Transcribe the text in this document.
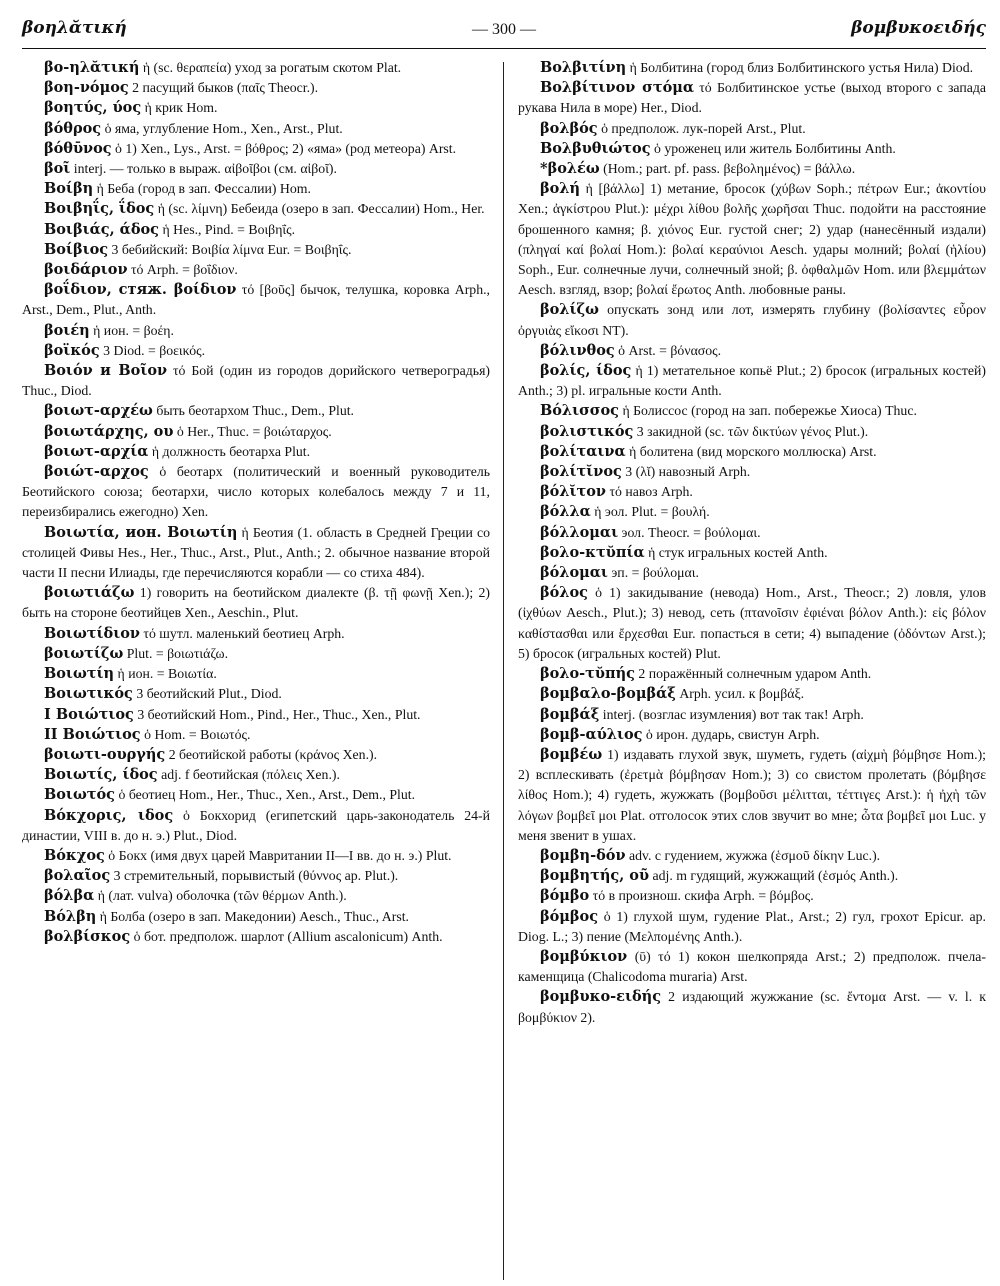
βοηλᾰτική	— 300 —	βομβυκοειδής

βο-ηλᾰτική ἡ (sc. θεραπεία) уход за рогатым скотом Plat.

βοη-νόμος 2 пасущий быков (παῖς Theocr.).

βοητύς, ύος ἡ крик Hom.

βόθρος ὁ яма, углубление Hom., Xen., Arst., Plut.

βόθῡνος ὁ 1) Xen., Lys., Arst. = βόθρος; 2) «яма» (род метеора) Arst.

βοῖ interj. — только в выраж. αἰβοῖβοι (см. αἰβοῖ).

Βοίβη ἡ Беба (город в зап. Фессалии) Hom.

Βοιβηΐς, ΐδος ἡ (sc. λίμνη) Бебеида (озеро в зап. Фессалии) Hom., Her.

Βοιβιάς, άδος ἡ Hes., Pind. = Βοιβηΐς.

Βοίβιος 3 бебийский: Βοιβία λίμνα Eur. = Βοιβηΐς.

βοιδάριον τό Arph. = βοΐδιον.

βοΐδιον, стяж. βοίδιον τό [βοῦς] бычок, телушка, коровка Arph., Arst., Dem., Plut., Anth.

βοιέη ἡ ион. = βοέη.

βοϊκός 3 Diod. = βοεικός.

Βοιόν и Βοῖον τό Бой (один из городов дорийского четвероградья) Thuc., Diod.

βοιωτ-αρχέω быть беотархом Thuc., Dem., Plut.

βοιωτάρχης, ου ὁ Her., Thuc. = βοιώταρχος.

βοιωτ-αρχία ἡ должность беотарха Plut.

βοιώτ-αρχος ὁ беотарх (политический и военный руководитель Беотийского союза; беотархи, число которых колебалось между 7 и 11, переизбирались ежегодно) Xen.

Βοιωτία, ион. Βοιωτίη ἡ Беотия (1. область в Средней Греции со столицей Фивы Hes., Her., Thuc., Arst., Plut., Anth.; 2. обычное название второй части II песни Илиады, где перечисляются корабли — со стиха 484).

βοιωτιάζω 1) говорить на беотийском диалекте (β. τῇ φωνῇ Xen.); 2) быть на стороне беотийцев Xen., Aeschin., Plut.

Βοιωτίδιον τό шутл. маленький беотиец Arph.

βοιωτίζω Plut. = βοιωτιάζω.

Βοιωτίη ἡ ион. = Βοιωτία.

Βοιωτικός 3 беотийский Plut., Diod.

I Βοιώτιος 3 беотийский Hom., Pind., Her., Thuc., Xen., Plut.

II Βοιώτιος ὁ Hom. = Βοιωτός.

βοιωτι-ουργής 2 беотийской работы (κράνος Xen.).

Βοιωτίς, ίδος adj. f беотийская (πόλεις Xen.).

Βοιωτός ὁ беотиец Hom., Her., Thuc., Xen., Arst., Dem., Plut.

Βόκχορις, ιδος ὁ Бокхорид (египетский царь-законодатель 24-й династии, VIII в. до н. э.) Plut., Diod.

Βόκχος ὁ Бокх (имя двух царей Мавритании II—I вв. до н. э.) Plut.

βολαῖος 3 стремительный, порывистый (θύννος ap. Plut.).

βόλβα ἡ (лат. vulva) оболочка (τῶν θέρμων Anth.).

Βόλβη ἡ Болба (озеро в зап. Македонии) Aesch., Thuc., Arst.

βολβίσκος ὁ бот. предполож. шарлот (Allium ascalonicum) Anth.

Βολβιτίνη ἡ Болбитина (город близ Болбитинского устья Нила) Diod.

Βολβίτινον στόμα τό Болбитинское устье (выход второго с запада рукава Нила в море) Her., Diod.

βολβός ὁ предполож. лук-порей Arst., Plut.

Βολβυθιώτος ὁ уроженец или житель Болбитины Anth.

*βολέω (Hom.; part. pf. pass. βεβολημένος) = βάλλω.

βολή ἡ [βάλλω] 1) метание, бросок (χύβων Soph.; πέτρων Eur.; ἀκοντίου Xen.; ἀγκίστρου Plut.): μέχρι λίθου βολῆς χωρῆσαι Thuc. подойти на расстояние брошенного камня; β. χιόνος Eur. густой снег; 2) удар (нанесённый издали) (πληγαί καί βολαί Hom.): βολαί κεραύνιοι Aesch. удары молний; βολαί (ἡλίου) Soph., Eur. солнечные лучи, солнечный зной; β. ὀφθαλμῶν Hom. или βλεμμάτων Aesch. взгляд, взор; βολαί ἔρωτος Anth. любовные раны.

βολίζω опускать зонд или лот, измерять глубину (βολίσαντες εὗρον ὀργυιὰς εἴκοσι NT).

βόλινθος ὁ Arst. = βόνασος.

βολίς, ίδος ἡ 1) метательное копьё Plut.; 2) бросок (игральных костей) Anth.; 3) pl. игральные кости Anth.

Βόλισσος ἡ Болиссос (город на зап. побережье Хиоса) Thuc.

βολιστικός 3 закидной (sc. τῶν δικτύων γένος Plut.).

βολίταινα ἡ болитена (вид морского моллюска) Arst.

βολίτῐνος 3 (λῐ) навозный Arph.

βόλῐτον τό навоз Arph.

βόλλα ἡ эол. Plut. = βουλή.

βόλλομαι эол. Theocr. = βούλομαι.

βολο-κτῠπία ἡ стук игральных костей Anth.

βόλομαι эп. = βούλομαι.

βόλος ὁ 1) закидывание (невода) Hom., Arst., Theocr.; 2) ловля, улов (ἰχθύων Aesch., Plut.); 3) невод, сеть (πτανοῖσιν ἐφιέναι βόλον Anth.): εἰς βόλον καθίστασθαι или ἔρχεσθαι Eur. попасться в сети; 4) выпадение (ὀδόντων Arst.); 5) бросок (игральных костей) Plut.

βολο-τῠπής 2 поражённый солнечным ударом Anth.

βομβαλο-βομβάξ Arph. усил. к βομβάξ.

βομβάξ interj. (возглас изумления) вот так так! Arph.

βομβ-αύλιος ὁ ирон. дударь, свистун Arph.

βομβέω 1) издавать глухой звук, шуметь, гудеть (αἰχμὴ βόμβησε Hom.); 2) всплескивать (ἐρετμὰ βόμβησαν Hom.); 3) со свистом пролетать (βόμβησε λίθος Hom.); 4) гудеть, жужжать (βομβοῦσι μέλιτται, τέττιγες Arst.): ἡ ἠχὴ τῶν λόγων βομβεῖ μοι Plat. отголосок этих слов звучит во мне; ὦτα βομβεῖ μοι Luc. у меня звенит в ушах.

βομβη-δόν adv. с гудением, жужжа (ἑσμοῦ δίκην Luc.).

βομβητής, οῦ adj. m гудящий, жужжащий (ἑσμός Anth.).

βόμβο τό в произнош. скифа Arph. = βόμβος.

βόμβος ὁ 1) глухой шум, гудение Plat., Arst.; 2) гул, грохот Epicur. ap. Diog. L.; 3) пение (Μελπομένης Anth.).

βομβύκιον (ῡ) τό 1) кокон шелкопряда Arst.; 2) предполож. пчела-каменщица (Chalicodoma muraria) Arst.

βομβυκο-ειδής 2 издающий жужжание (sc. ἔντομα Arst. — v. l. к βομβύκιον 2).
